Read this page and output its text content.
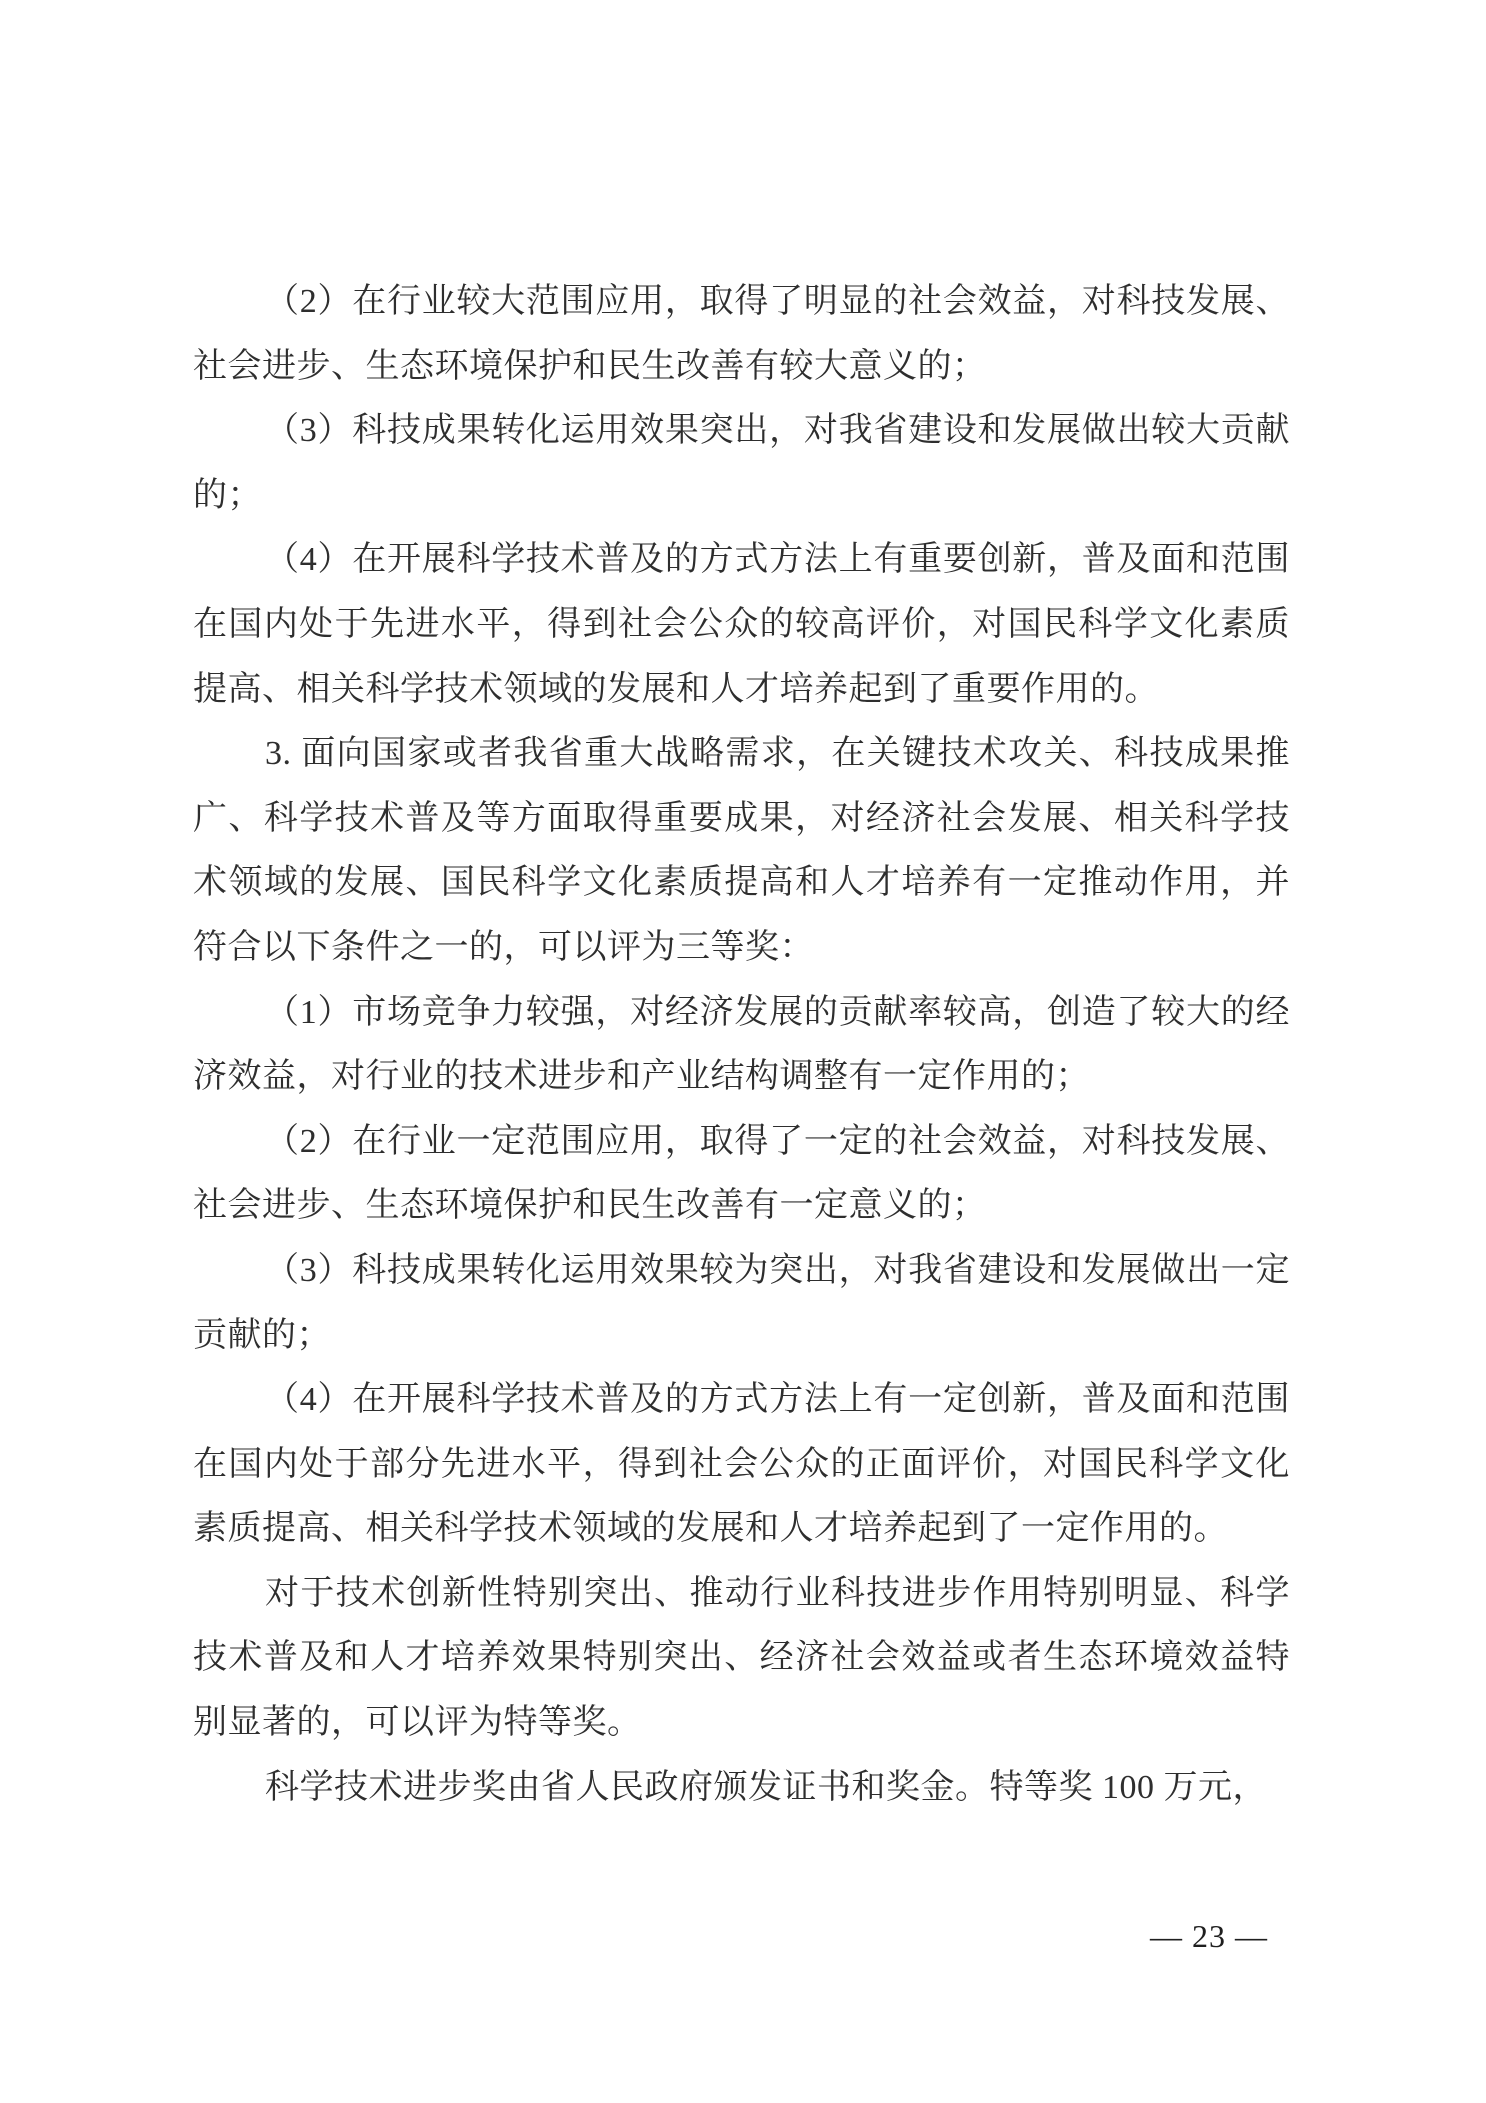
（2）在行业较大范围应用，取得了明显的社会效益，对科技发展、
社会进步、生态环境保护和民生改善有较大意义的；
（3）科技成果转化运用效果突出，对我省建设和发展做出较大贡献
的；
（4）在开展科学技术普及的方式方法上有重要创新，普及面和范围
在国内处于先进水平，得到社会公众的较高评价，对国民科学文化素质
提高、相关科学技术领域的发展和人才培养起到了重要作用的。
3. 面向国家或者我省重大战略需求，在关键技术攻关、科技成果推
广、科学技术普及等方面取得重要成果，对经济社会发展、相关科学技
术领域的发展、国民科学文化素质提高和人才培养有一定推动作用，并
符合以下条件之一的，可以评为三等奖：
（1）市场竞争力较强，对经济发展的贡献率较高，创造了较大的经
济效益，对行业的技术进步和产业结构调整有一定作用的；
（2）在行业一定范围应用，取得了一定的社会效益，对科技发展、
社会进步、生态环境保护和民生改善有一定意义的；
（3）科技成果转化运用效果较为突出，对我省建设和发展做出一定
贡献的；
（4）在开展科学技术普及的方式方法上有一定创新，普及面和范围
在国内处于部分先进水平，得到社会公众的正面评价，对国民科学文化
素质提高、相关科学技术领域的发展和人才培养起到了一定作用的。
对于技术创新性特别突出、推动行业科技进步作用特别明显、科学
技术普及和人才培养效果特别突出、经济社会效益或者生态环境效益特
别显著的，可以评为特等奖。
科学技术进步奖由省人民政府颁发证书和奖金。特等奖 100 万元，
— 23 —
